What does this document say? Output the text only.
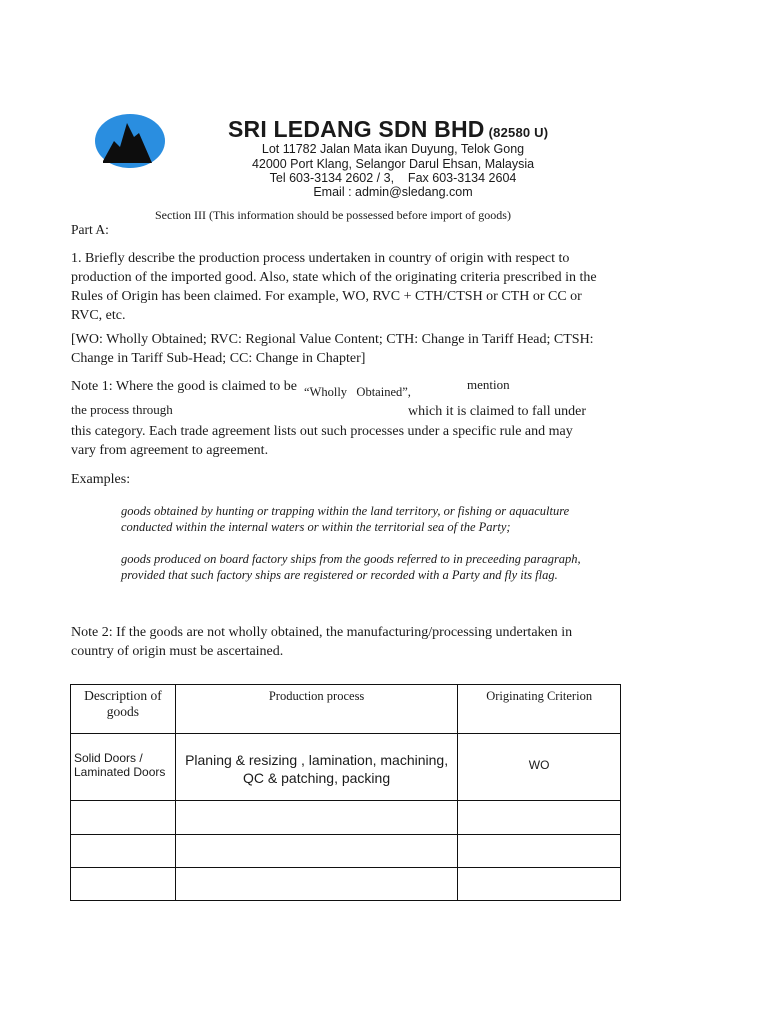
SRI LEDANG SDN BHD (82580 U)
Lot 11782 Jalan Mata ikan Duyung, Telok Gong
42000 Port Klang, Selangor Darul Ehsan, Malaysia
Tel 603-3134 2602 / 3,    Fax 603-3134 2604
Email : admin@sledang.com
Section III (This information should be possessed before import of goods)
Part A:
1. Briefly describe the production process undertaken in country of origin with respect to production of the imported good. Also, state which of the originating criteria prescribed in the Rules of Origin has been claimed. For example, WO, RVC + CTH/CTSH or CTH or CC or RVC, etc.
[WO: Wholly Obtained; RVC: Regional Value Content; CTH: Change in Tariff Head; CTSH: Change in Tariff Sub-Head; CC: Change in Chapter]
Note 1: Where the good is claimed to be “Wholly   Obtained”,	mention
the process through	which it is claimed to fall under
this category. Each trade agreement lists out such processes under a specific rule and may vary from agreement to agreement.
Examples:
goods obtained by hunting or trapping within the land territory, or fishing or aquaculture conducted within the internal waters or within the territorial sea of the Party;
goods produced on board factory ships from the goods referred to in preceeding paragraph, provided that such factory ships are registered or recorded with a Party and fly its flag.
Note 2: If the goods are not wholly obtained, the manufacturing/processing undertaken in country of origin must be ascertained.
Description of goods	Production process	Originating Criterion
Solid Doors / Laminated Doors	Planing & resizing , lamination, machining, QC & patching, packing	WO
